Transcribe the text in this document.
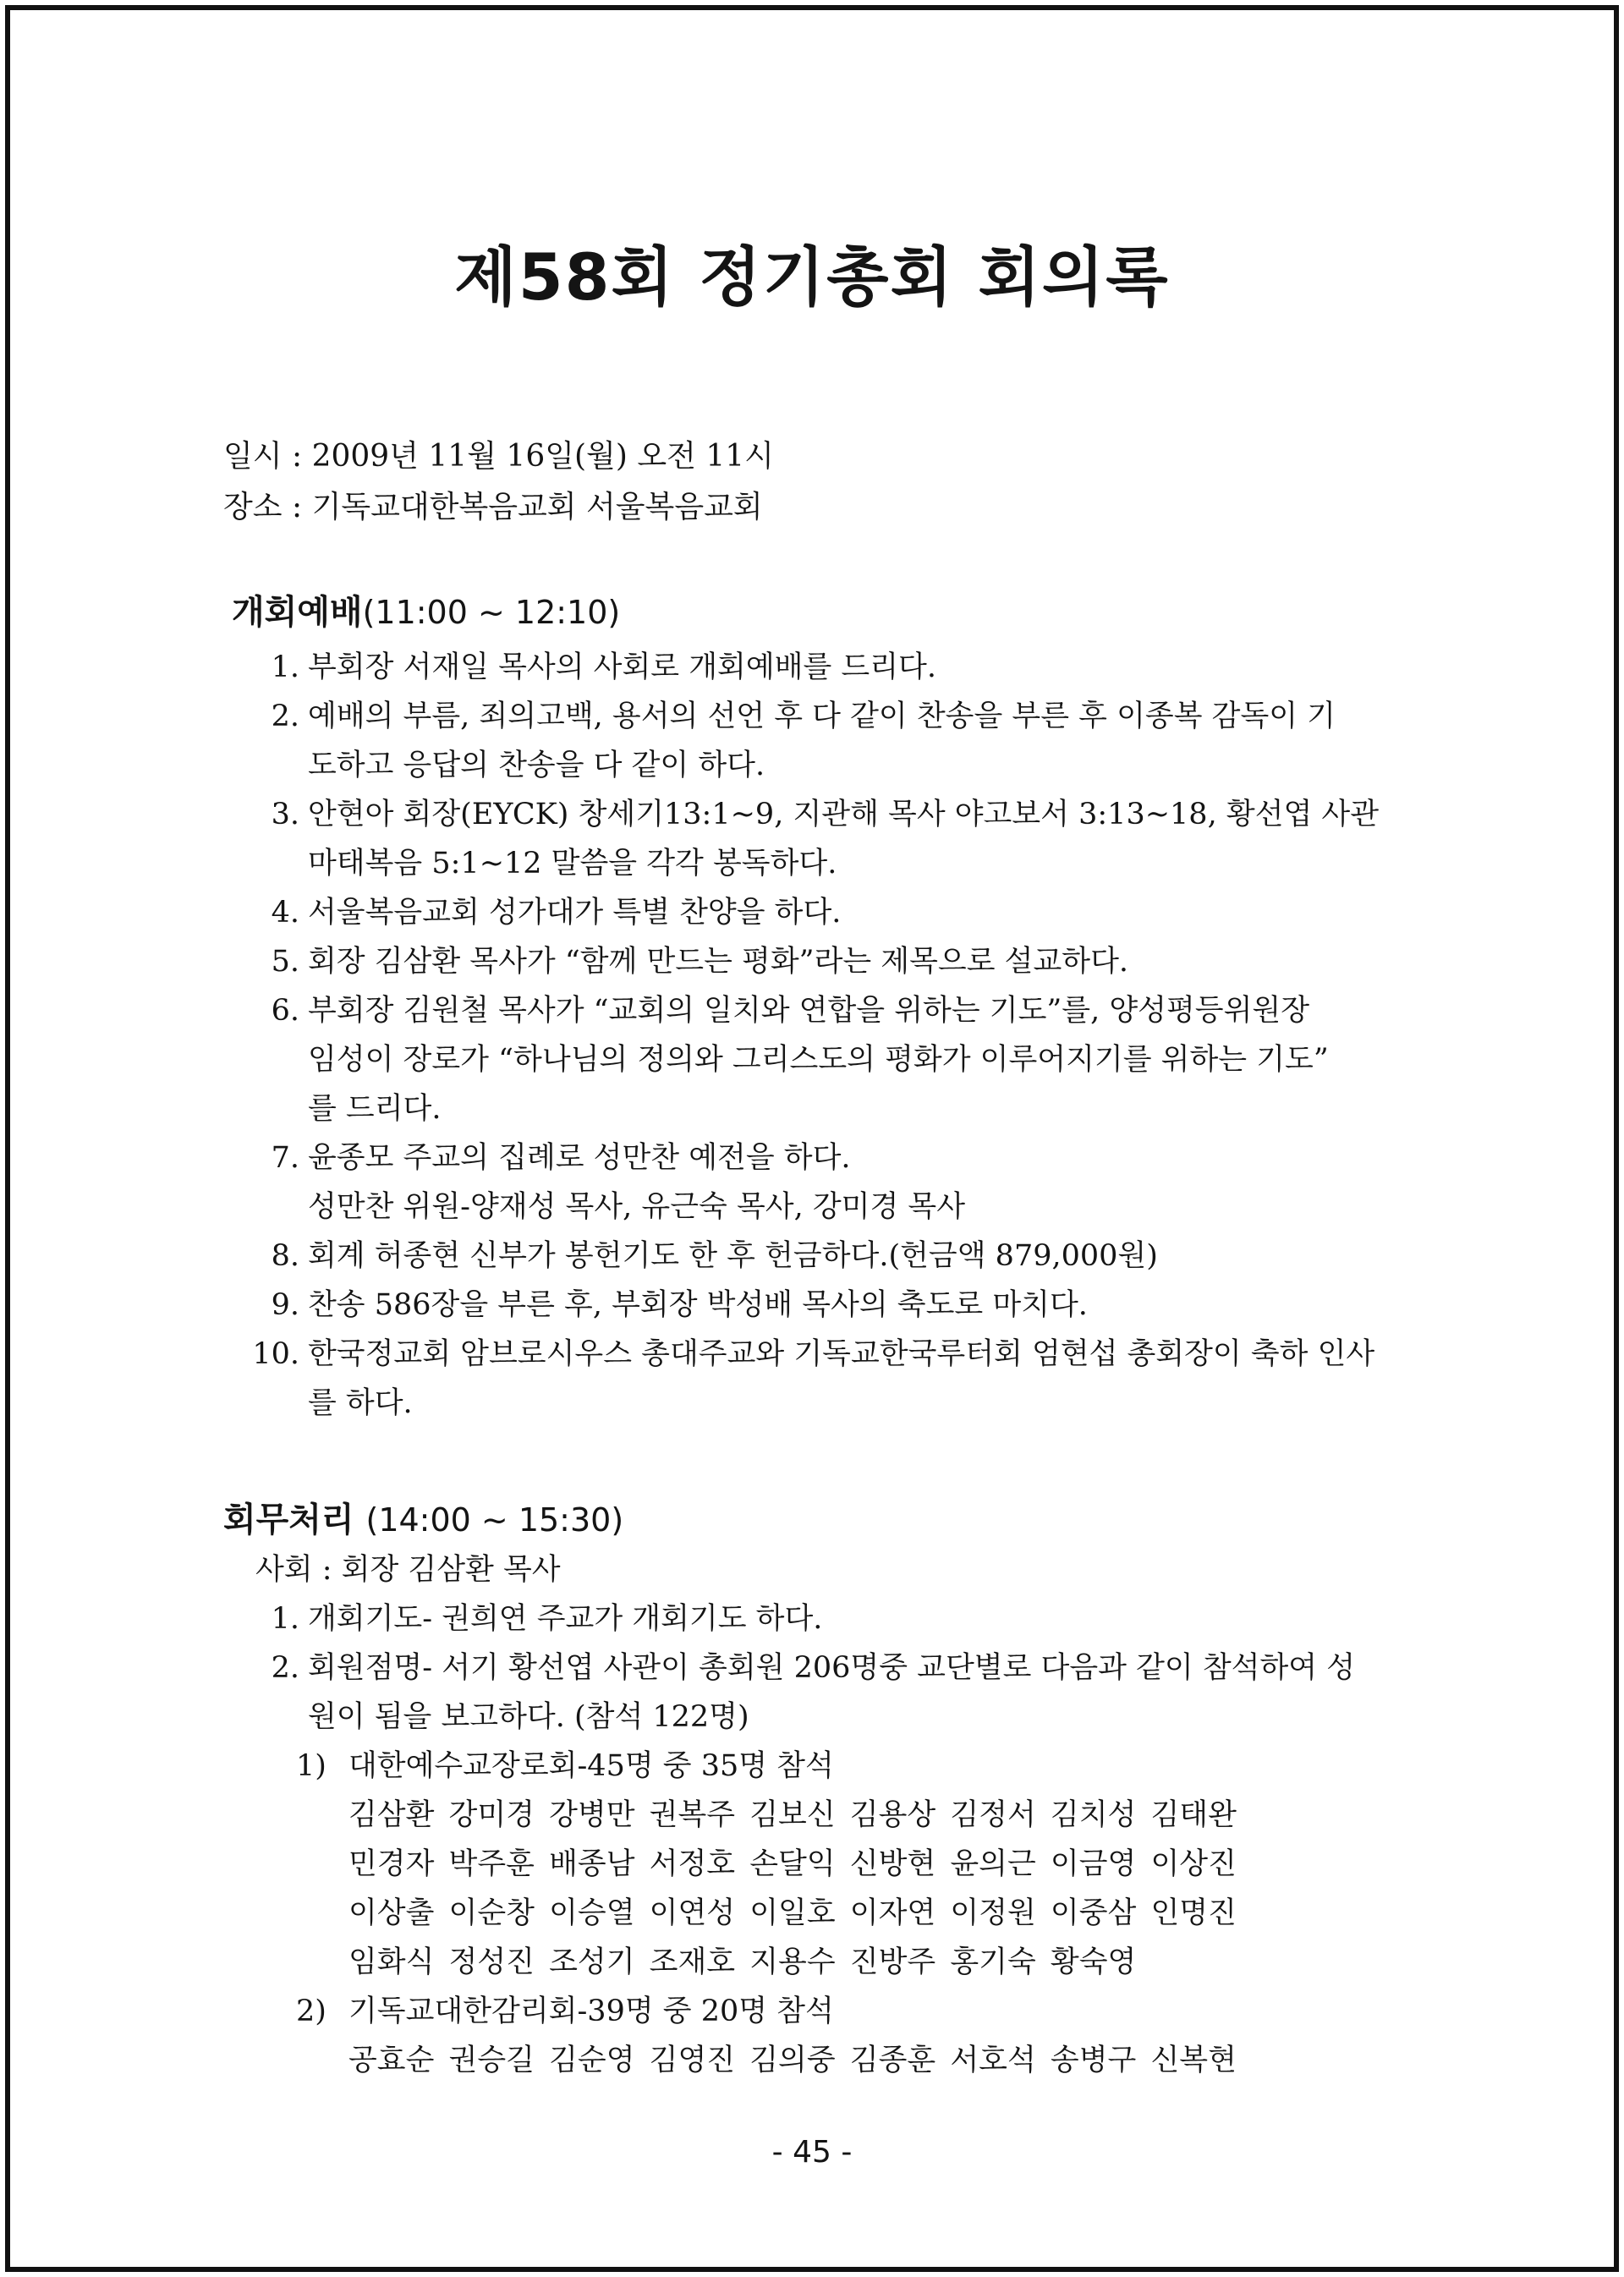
제58회 정기총회 회의록
일시 : 2009년 11월 16일(월) 오전 11시
장소 : 기독교대한복음교회 서울복음교회
개회예배(11:00 ~ 12:10)
1. 부회장 서재일 목사의 사회로 개회예배를 드리다.
2. 예배의 부름, 죄의고백, 용서의 선언 후 다 같이 찬송을 부른 후 이종복 감독이 기
도하고 응답의 찬송을 다 같이 하다.
3. 안현아 회장(EYCK) 창세기13:1~9, 지관해 목사 야고보서 3:13~18, 황선엽 사관
마태복음 5:1~12 말씀을 각각 봉독하다.
4. 서울복음교회 성가대가 특별 찬양을 하다.
5. 회장 김삼환 목사가 “함께 만드는 평화”라는 제목으로 설교하다.
6. 부회장 김원철 목사가 “교회의 일치와 연합을 위하는 기도”를, 양성평등위원장
임성이 장로가 “하나님의 정의와 그리스도의 평화가 이루어지기를 위하는 기도”
를 드리다.
7. 윤종모 주교의 집례로 성만찬 예전을 하다.
성만찬 위원-양재성 목사, 유근숙 목사, 강미경 목사
8. 회계 허종현 신부가 봉헌기도 한 후 헌금하다.(헌금액 879,000원)
9. 찬송 586장을 부른 후, 부회장 박성배 목사의 축도로 마치다.
10. 한국정교회 암브로시우스 총대주교와 기독교한국루터회 엄현섭 총회장이 축하 인사
를 하다.
회무처리 (14:00 ~ 15:30)
사회 : 회장 김삼환 목사
1. 개회기도- 권희연 주교가 개회기도 하다.
2. 회원점명- 서기 황선엽 사관이 총회원 206명중 교단별로 다음과 같이 참석하여 성
원이 됨을 보고하다. (참석 122명)
1) 대한예수교장로회-45명 중 35명 참석
김삼환 강미경 강병만 권복주 김보신 김용상 김정서 김치성 김태완
민경자 박주훈 배종남 서정호 손달익 신방현 윤의근 이금영 이상진
이상출 이순창 이승열 이연성 이일호 이자연 이정원 이중삼 인명진
임화식 정성진 조성기 조재호 지용수 진방주 홍기숙 황숙영
2) 기독교대한감리회-39명 중 20명 참석
공효순 권승길 김순영 김영진 김의중 김종훈 서호석 송병구 신복현
- 45 -
